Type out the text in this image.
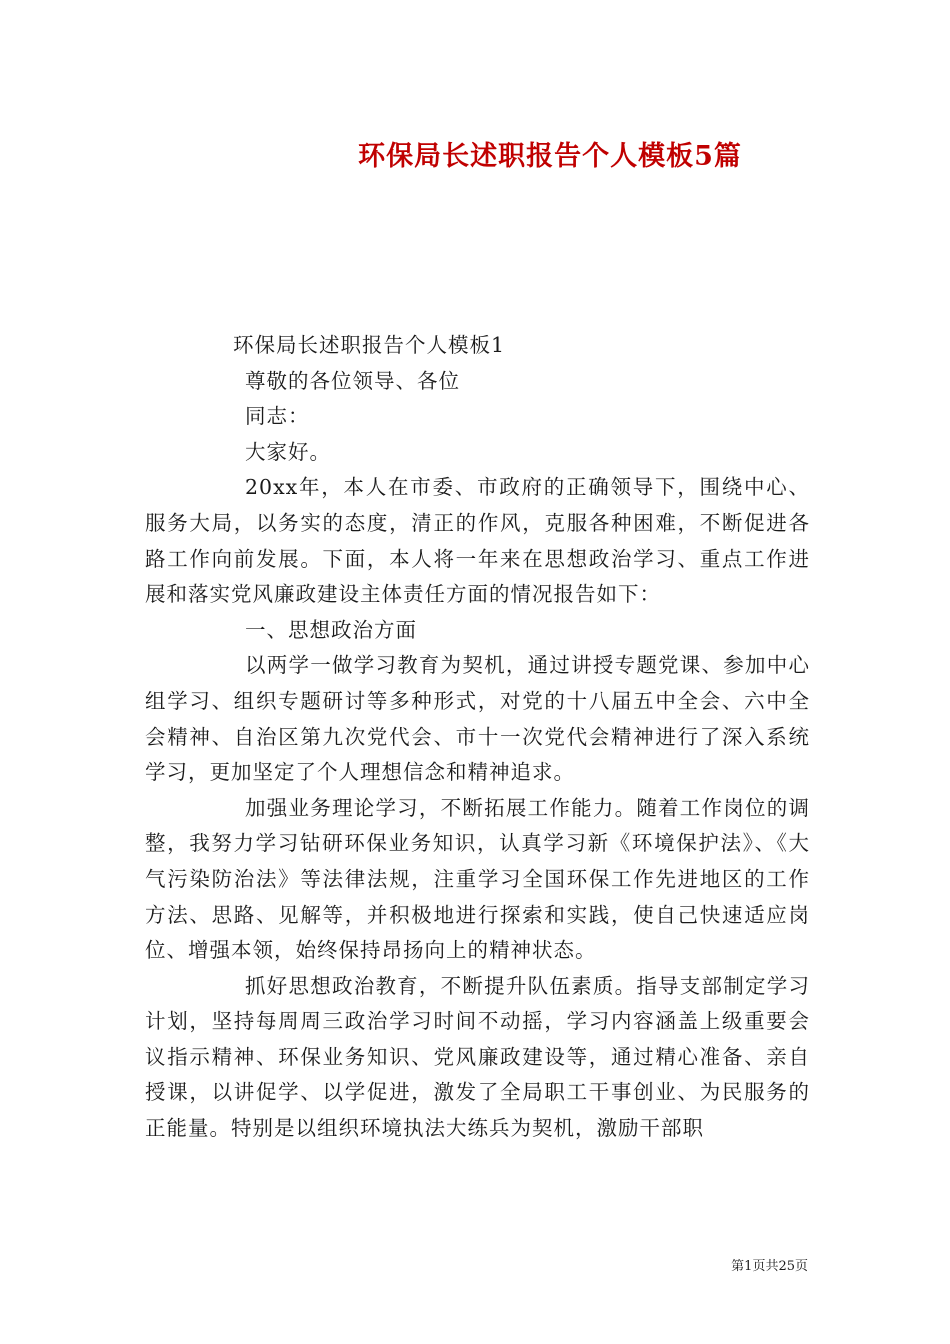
环保局长述职报告个人模板5篇

环保局长述职报告个人模板1

尊敬的各位领导、各位

同志：

大家好。

20xx年，本人在市委、市政府的正确领导下，围绕中心、服务大局，以务实的态度，清正的作风，克服各种困难，不断促进各路工作向前发展。下面，本人将一年来在思想政治学习、重点工作进展和落实党风廉政建设主体责任方面的情况报告如下：

一、思想政治方面

以两学一做学习教育为契机，通过讲授专题党课、参加中心组学习、组织专题研讨等多种形式，对党的十八届五中全会、六中全会精神、自治区第九次党代会、市十一次党代会精神进行了深入系统学习，更加坚定了个人理想信念和精神追求。

加强业务理论学习，不断拓展工作能力。随着工作岗位的调整，我努力学习钻研环保业务知识，认真学习新《环境保护法》、《大气污染防治法》等法律法规，注重学习全国环保工作先进地区的工作方法、思路、见解等，并积极地进行探索和实践，使自己快速适应岗位、增强本领，始终保持昂扬向上的精神状态。

抓好思想政治教育，不断提升队伍素质。指导支部制定学习计划，坚持每周周三政治学习时间不动摇，学习内容涵盖上级重要会议指示精神、环保业务知识、党风廉政建设等，通过精心准备、亲自授课，以讲促学、以学促进，激发了全局职工干事创业、为民服务的正能量。特别是以组织环境执法大练兵为契机，激励干部职

第1页共25页
